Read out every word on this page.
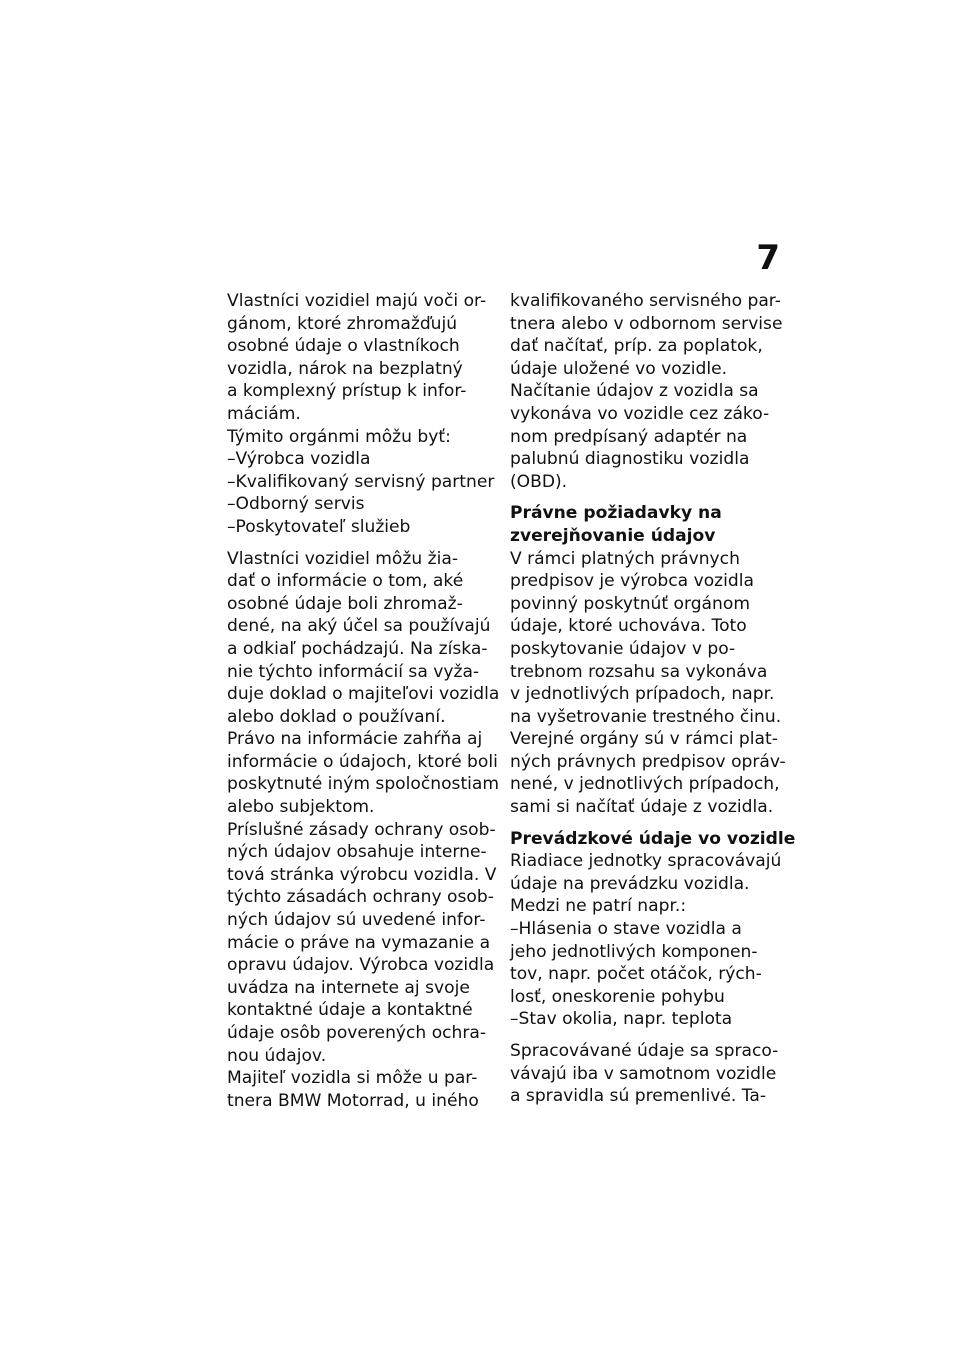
7
Vlastníci vozidiel majú voči or-
gánom, ktoré zhromažďujú
osobné údaje o vlastníkoch
vozidla, nárok na bezplatný
a komplexný prístup k infor-
máciám.
Týmito orgánmi môžu byť:
–Výrobca vozidla
–Kvalifikovaný servisný partner
–Odborný servis
–Poskytovateľ služieb
Vlastníci vozidiel môžu žia-
dať o informácie o tom, aké
osobné údaje boli zhromaž-
dené, na aký účel sa používajú
a odkiaľ pochádzajú. Na získa-
nie týchto informácií sa vyža-
duje doklad o majiteľovi vozidla
alebo doklad o používaní.
Právo na informácie zahŕňa aj
informácie o údajoch, ktoré boli
poskytnuté iným spoločnostiam
alebo subjektom.
Príslušné zásady ochrany osob-
ných údajov obsahuje interne-
tová stránka výrobcu vozidla. V
týchto zásadách ochrany osob-
ných údajov sú uvedené infor-
mácie o práve na vymazanie a
opravu údajov. Výrobca vozidla
uvádza na internete aj svoje
kontaktné údaje a kontaktné
údaje osôb poverených ochra-
nou údajov.
Majiteľ vozidla si môže u par-
tnera BMW Motorrad, u iného
kvalifikovaného servisného par-
tnera alebo v odbornom servise
dať načítať, príp. za poplatok,
údaje uložené vo vozidle.
Načítanie údajov z vozidla sa
vykonáva vo vozidle cez záko-
nom predpísaný adaptér na
palubnú diagnostiku vozidla
(OBD).
Právne požiadavky na
zverejňovanie údajov
V rámci platných právnych
predpisov je výrobca vozidla
povinný poskytnúť orgánom
údaje, ktoré uchováva. Toto
poskytovanie údajov v po-
trebnom rozsahu sa vykonáva
v jednotlivých prípadoch, napr.
na vyšetrovanie trestného činu.
Verejné orgány sú v rámci plat-
ných právnych predpisov opráv-
nené, v jednotlivých prípadoch,
sami si načítať údaje z vozidla.
Prevádzkové údaje vo vozidle
Riadiace jednotky spracovávajú
údaje na prevádzku vozidla.
Medzi ne patrí napr.:
–Hlásenia o stave vozidla a
jeho jednotlivých komponen-
tov, napr. počet otáčok, rých-
losť, oneskorenie pohybu
–Stav okolia, napr. teplota
Spracovávané údaje sa spraco-
vávajú iba v samotnom vozidle
a spravidla sú premenlivé. Ta-
